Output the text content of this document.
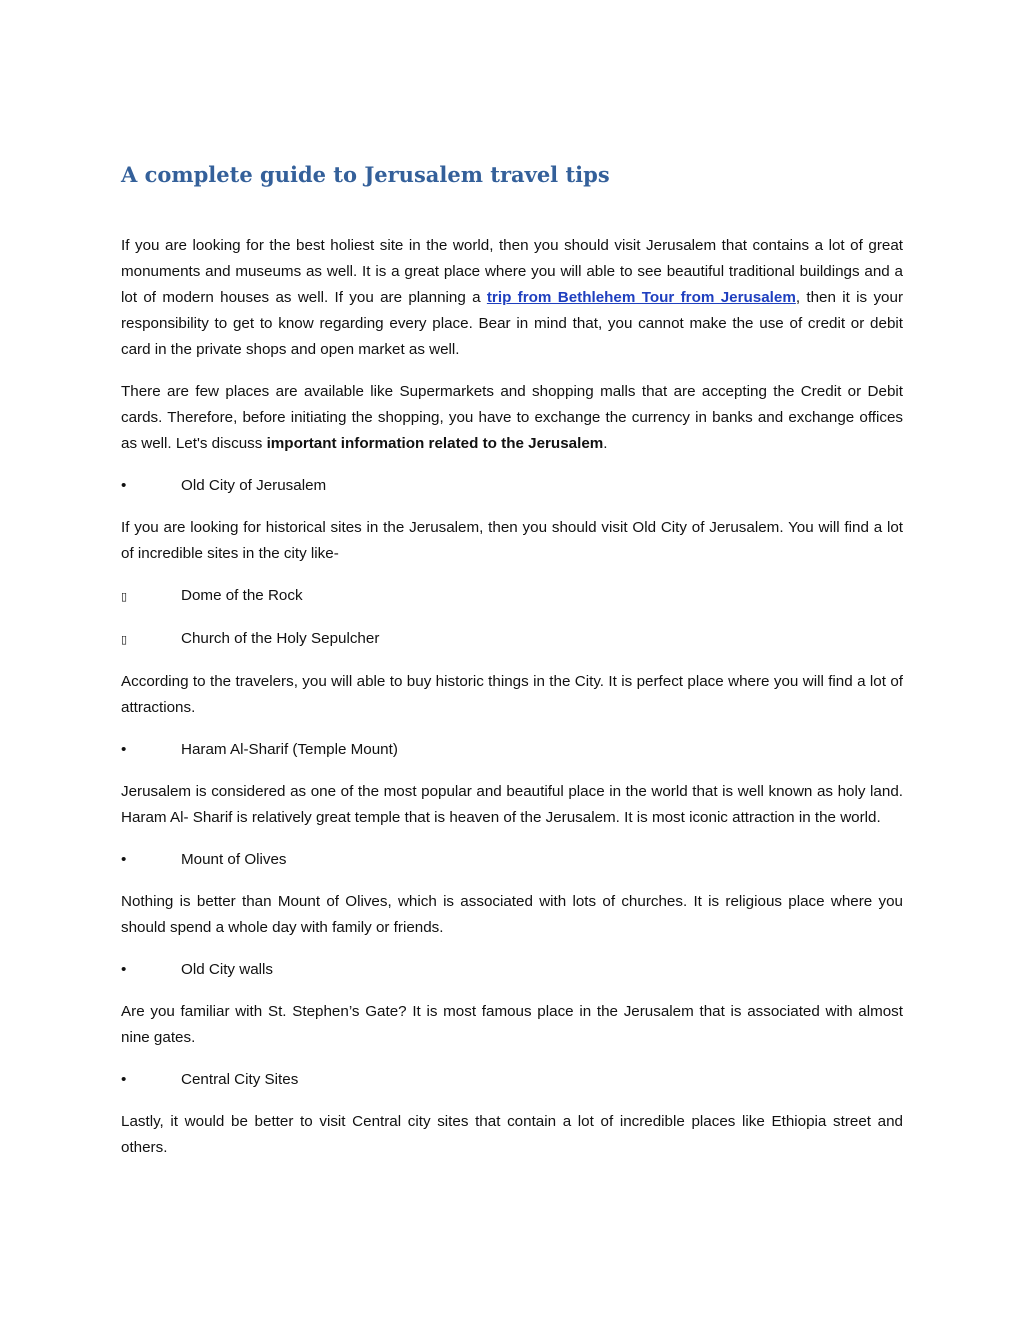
A complete guide to Jerusalem travel tips

If you are looking for the best holiest site in the world, then you should visit Jerusalem that contains a lot of great monuments and museums as well. It is a great place where you will able to see beautiful traditional buildings and a lot of modern houses as well. If you are planning a trip from Bethlehem Tour from Jerusalem, then it is your responsibility to get to know regarding every place. Bear in mind that, you cannot make the use of credit or debit card in the private shops and open market as well.

There are few places are available like Supermarkets and shopping malls that are accepting the Credit or Debit cards. Therefore, before initiating the shopping, you have to exchange the currency in banks and exchange offices as well. Let's discuss important information related to the Jerusalem.

•	Old City of Jerusalem

If you are looking for historical sites in the Jerusalem, then you should visit Old City of Jerusalem. You will find a lot of incredible sites in the city like-

▯	Dome of the Rock
▯	Church of the Holy Sepulcher

According to the travelers, you will able to buy historic things in the City. It is perfect place where you will find a lot of attractions.

•	Haram Al-Sharif (Temple Mount)

Jerusalem is considered as one of the most popular and beautiful place in the world that is well known as holy land. Haram Al- Sharif is relatively great temple that is heaven of the Jerusalem. It is most iconic attraction in the world.

•	Mount of Olives

Nothing is better than Mount of Olives, which is associated with lots of churches. It is religious place where you should spend a whole day with family or friends.

•	Old City walls

Are you familiar with St. Stephen’s Gate? It is most famous place in the Jerusalem that is associated with almost nine gates.

•	Central City Sites

Lastly, it would be better to visit Central city sites that contain a lot of incredible places like Ethiopia street and others.
